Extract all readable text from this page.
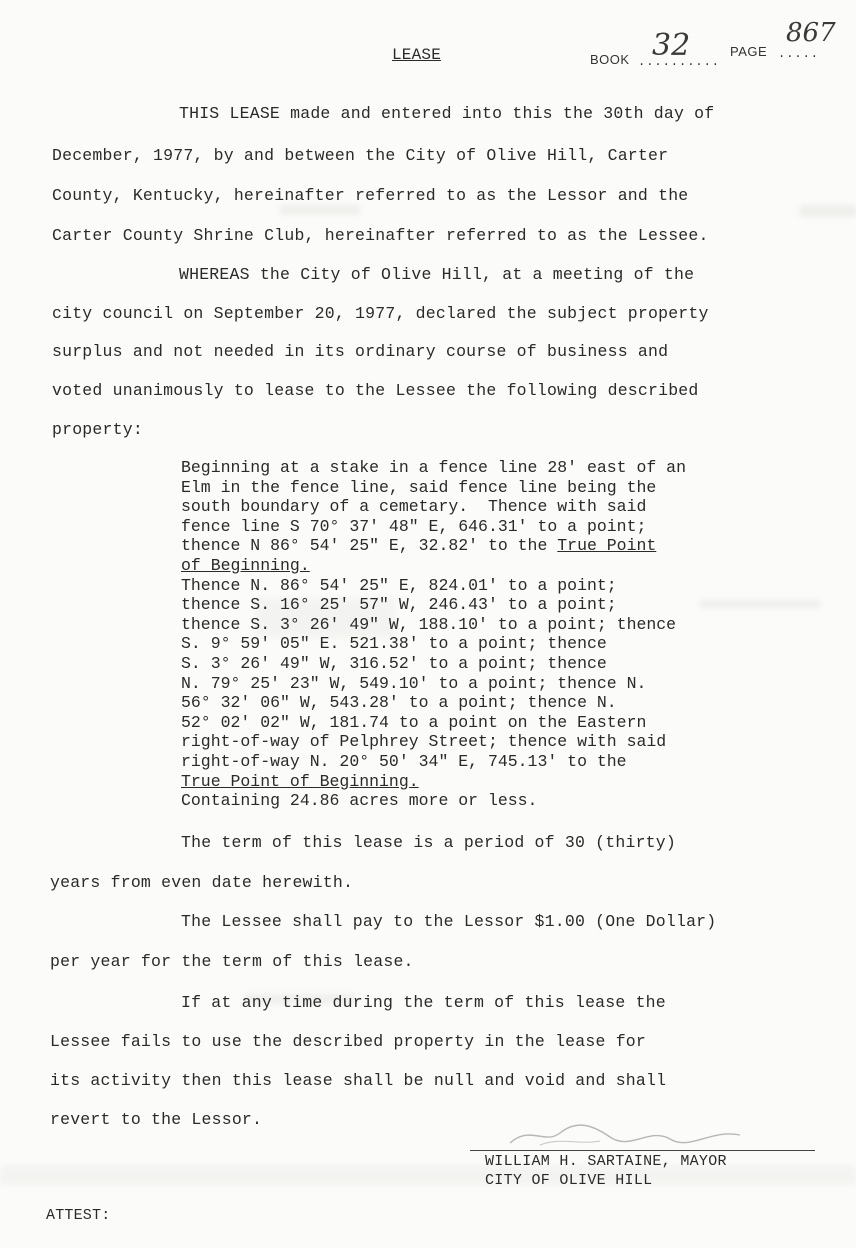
LEASE	BOOK ..........
32	PAGE .....
867
THIS LEASE made and entered into this the 30th day of
December, 1977, by and between the City of Olive Hill, Carter
County, Kentucky, hereinafter referred to as the Lessor and the
Carter County Shrine Club, hereinafter referred to as the Lessee.
WHEREAS the City of Olive Hill, at a meeting of the
city council on September 20, 1977, declared the subject property
surplus and not needed in its ordinary course of business and
voted unanimously to lease to the Lessee the following described
property:
Beginning at a stake in a fence line 28' east of an
Elm in the fence line, said fence line being the
south boundary of a cemetary.  Thence with said
fence line S 70° 37' 48" E, 646.31' to a point;
thence N 86° 54' 25" E, 32.82' to the True Point
of Beginning.
Thence N. 86° 54' 25" E, 824.01' to a point;
thence S. 16° 25' 57" W, 246.43' to a point;
thence S. 3° 26' 49" W, 188.10' to a point; thence
S. 9° 59' 05" E. 521.38' to a point; thence
S. 3° 26' 49" W, 316.52' to a point; thence
N. 79° 25' 23" W, 549.10' to a point; thence N.
56° 32' 06" W, 543.28' to a point; thence N.
52° 02' 02" W, 181.74 to a point on the Eastern
right-of-way of Pelphrey Street; thence with said
right-of-way N. 20° 50' 34" E, 745.13' to the
True Point of Beginning.
Containing 24.86 acres more or less.
The term of this lease is a period of 30 (thirty)
years from even date herewith.
The Lessee shall pay to the Lessor $1.00 (One Dollar)
per year for the term of this lease.
If at any time during the term of this lease the
Lessee fails to use the described property in the lease for
its activity then this lease shall be null and void and shall
revert to the Lessor.
WILLIAM H. SARTAINE, MAYOR
CITY OF OLIVE HILL
ATTEST:
